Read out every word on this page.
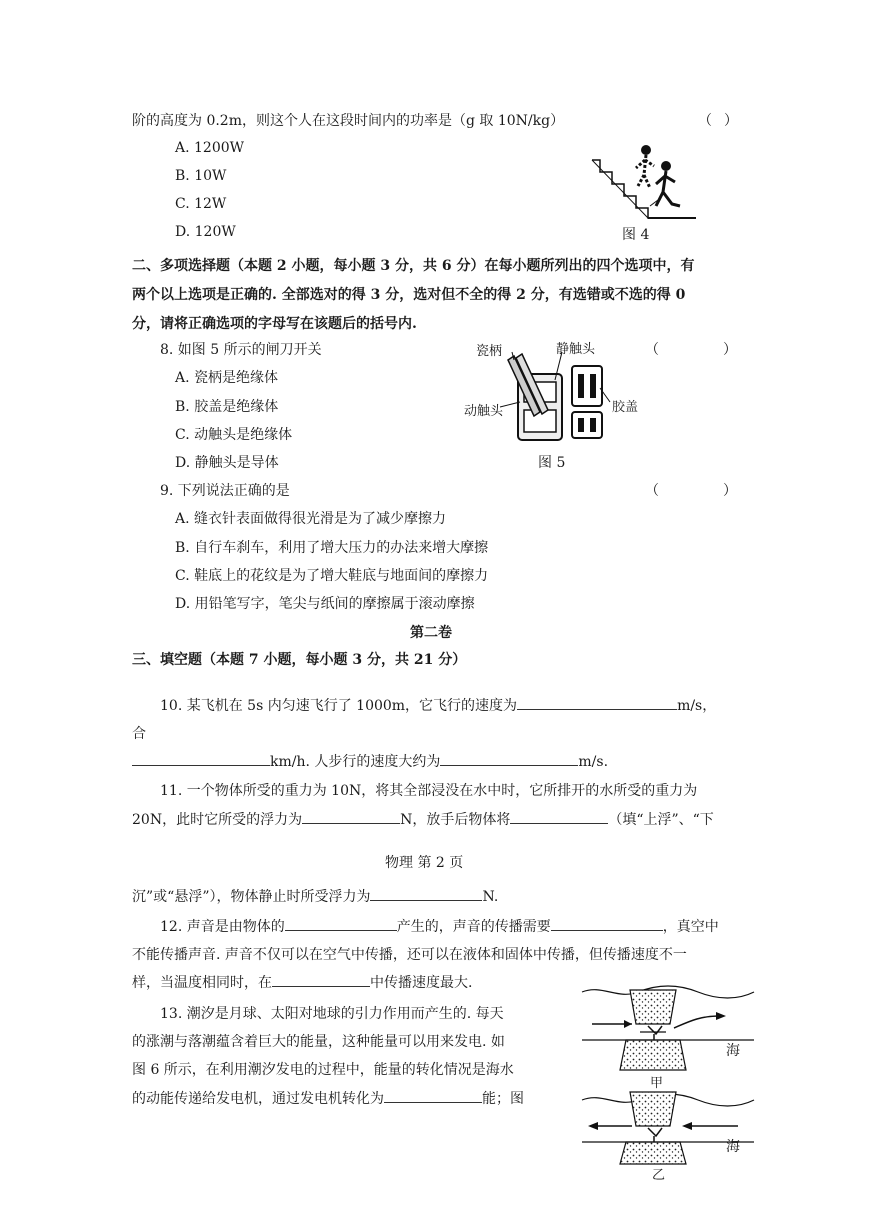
阶的高度为 0.2m，则这个人在这段时间内的功率是（g 取 10N/kg）	（ ）
A. 1200W
B. 10W
C. 12W
D. 120W	图 4
二、多项选择题（本题 2 小题，每小题 3 分，共 6 分）在每小题所列出的四个选项中，有
两个以上选项是正确的. 全部选对的得 3 分，选对但不全的得 2 分，有选错或不选的得 0
分，请将正确选项的字母写在该题后的括号内.
8. 如图 5 所示的闸刀开关	（	）
A. 瓷柄是绝缘体
B. 胶盖是绝缘体
C. 动触头是绝缘体
D. 静触头是导体
瓷柄	静触头
动触头	胶盖
图 5
9. 下列说法正确的是	（	）
A. 缝衣针表面做得很光滑是为了减少摩擦力
B. 自行车刹车，利用了增大压力的办法来增大摩擦
C. 鞋底上的花纹是为了增大鞋底与地面间的摩擦力
D. 用铅笔写字，笔尖与纸间的摩擦属于滚动摩擦
第二卷
三、填空题（本题 7 小题，每小题 3 分，共 21 分）
10. 某飞机在 5s 内匀速飞行了 1000m，它飞行的速度为	m/s，
合
km/h. 人步行的速度大约为	m/s.
11. 一个物体所受的重力为 10N，将其全部浸没在水中时，它所排开的水所受的重力为
20N，此时它所受的浮力为	N，放手后物体将	（填“上浮”、“下
物理 第 2 页
沉”或“悬浮”），物体静止时所受浮力为	N.
12. 声音是由物体的	产生的，声音的传播需要	，真空中
不能传播声音. 声音不仅可以在空气中传播，还可以在液体和固体中传播，但传播速度不一
样，当温度相同时，在	中传播速度最大.
13. 潮汐是月球、太阳对地球的引力作用而产生的. 每天
的涨潮与落潮蕴含着巨大的能量，这种能量可以用来发电. 如
图 6 所示，在利用潮汐发电的过程中，能量的转化情况是海水
的动能传递给发电机，通过发电机转化为	能；图
海
甲
海
乙
